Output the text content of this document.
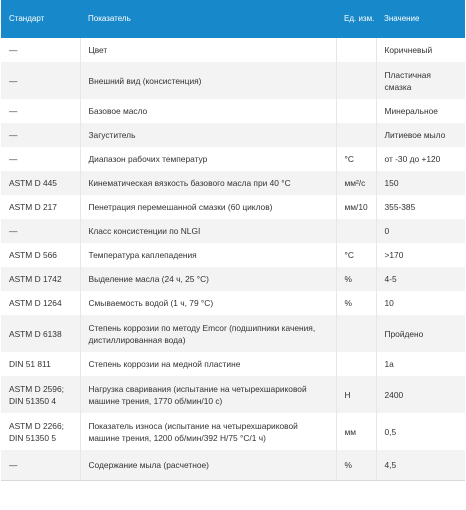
Стандарт	Показатель	Ед. изм.	Значение
—	Цвет		Коричневый
—	Внешний вид (консистенция)		Пластичная смазка
—	Базовое масло		Минеральное
—	Загуститель		Литиевое мыло
—	Диапазон рабочих температур	°C	от -30 до +120
ASTM D 445	Кинематическая вязкость базового масла при 40 °C	мм²/с	150
ASTM D 217	Пенетрация перемешанной смазки (60 циклов)	мм/10	355-385
—	Класс консистенции по NLGI		0
ASTM D 566	Температура каплепадения	°C	>170
ASTM D 1742	Выделение масла (24 ч, 25 °C)	%	4-5
ASTM D 1264	Смываемость водой (1 ч, 79 °C)	%	10
ASTM D 6138	Степень коррозии по методу Emcor (подшипники качения, дистиллированная вода)		Пройдено
DIN 51 811	Степень коррозии на медной пластине		1a
ASTM D 2596; DIN 51350 4	Нагрузка сваривания (испытание на четырехшариковой машине трения, 1770 об/мин/10 с)	Н	2400
ASTM D 2266; DIN 51350 5	Показатель износа (испытание на четырехшариковой машине трения, 1200 об/мин/392 Н/75 °C/1 ч)	мм	0,5
—	Содержание мыла (расчетное)	%	4,5
